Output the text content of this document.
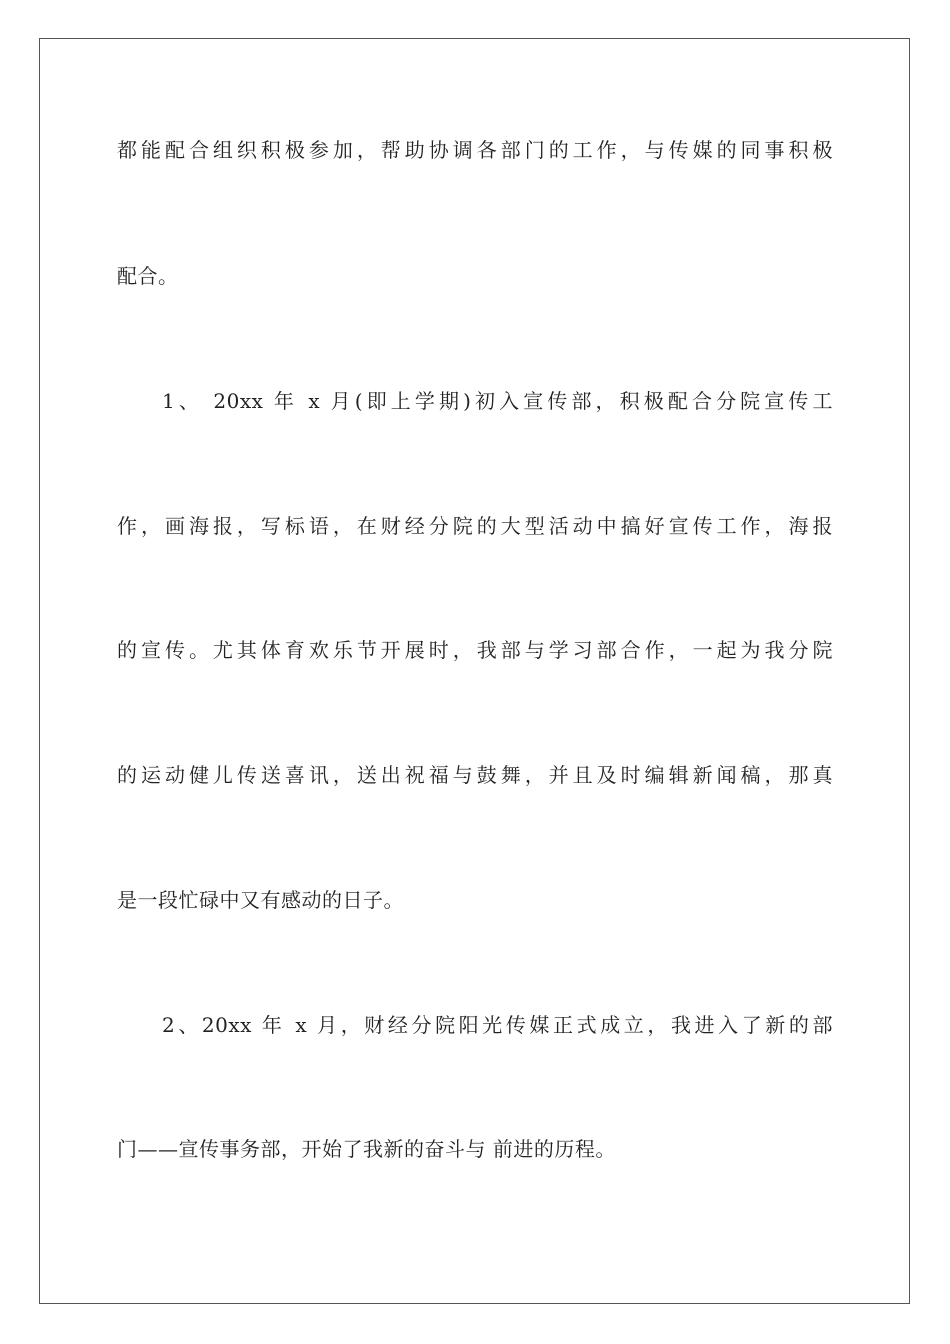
都能配合组织积极参加，帮助协调各部门的工作，与传媒的同事积极
配合。
1、 20xx 年 x 月(即上学期)初入宣传部，积极配合分院宣传工
作，画海报，写标语，在财经分院的大型活动中搞好宣传工作，海报
的宣传。尤其体育欢乐节开展时，我部与学习部合作，一起为我分院
的运动健儿传送喜讯，送出祝福与鼓舞，并且及时编辑新闻稿，那真
是一段忙碌中又有感动的日子。
2、20xx 年 x 月，财经分院阳光传媒正式成立，我进入了新的部
门——宣传事务部，开始了我新的奋斗与 前进的历程。
